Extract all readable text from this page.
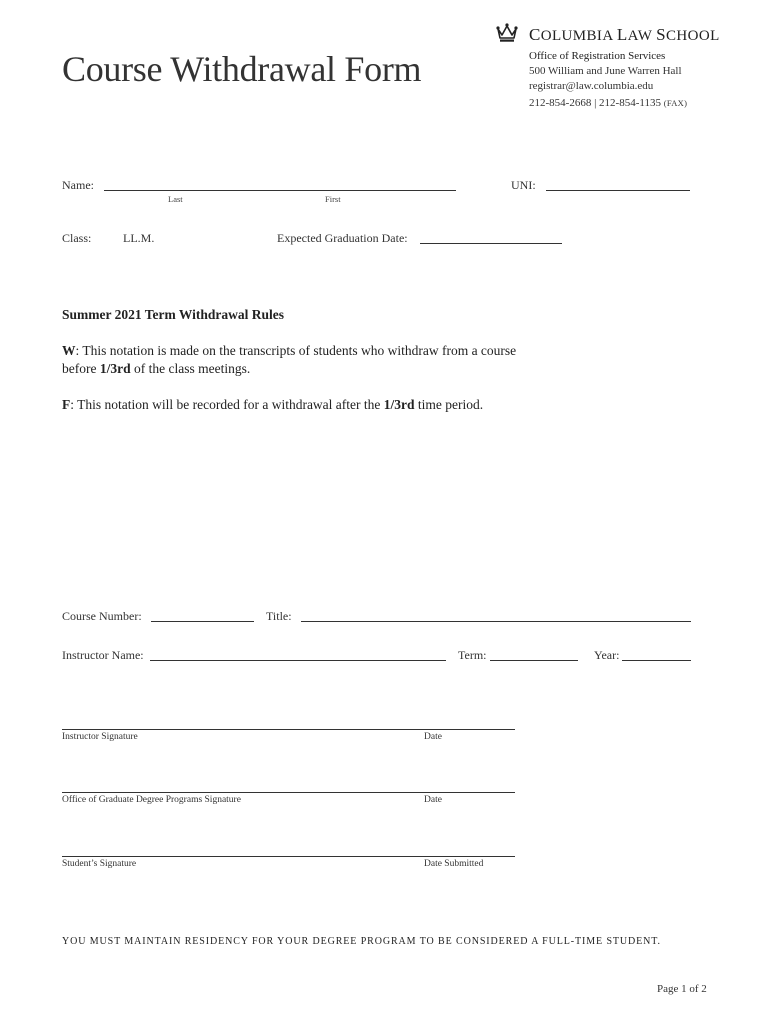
Course Withdrawal Form
COLUMBIA LAW SCHOOL
Office of Registration Services
500 William and June Warren Hall
registrar@law.columbia.edu
212-854-2668 | 212-854-1135 (FAX)
Name:
Last	First
UNI:
Class:	LL.M.	Expected Graduation Date:
Summer 2021 Term Withdrawal Rules
W: This notation is made on the transcripts of students who withdraw from a course
before 1/3rd of the class meetings.
F: This notation will be recorded for a withdrawal after the 1/3rd time period.
Course Number:	Title:
Instructor Name:	Term:	Year:
Instructor Signature	Date
Office of Graduate Degree Programs Signature	Date
Student’s Signature	Date Submitted
YOU MUST MAINTAIN RESIDENCY FOR YOUR DEGREE PROGRAM TO BE CONSIDERED A FULL-TIME STUDENT.
Page 1 of 2
